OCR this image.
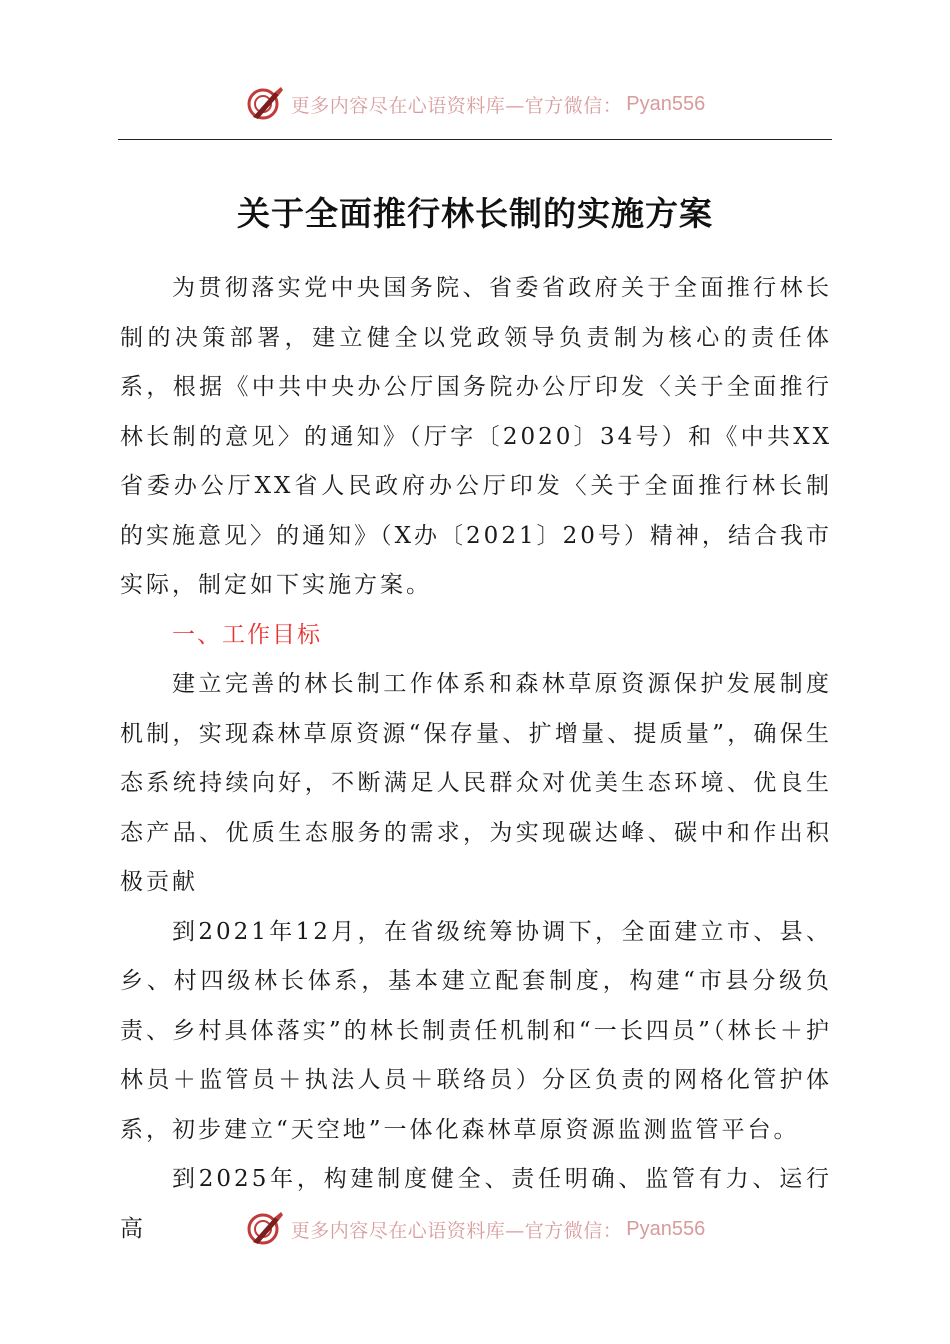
更多内容尽在心语资料库—官方微信： Pyan556
关于全面推行林长制的实施方案

为贯彻落实党中央国务院、省委省政府关于全面推行林长制的决策部署，建立健全以党政领导负责制为核心的责任体系，根据《中共中央办公厅国务院办公厅印发〈关于全面推行林长制的意见〉的通知》（厅字〔2020〕34号）和《中共XX省委办公厅XX省人民政府办公厅印发〈关于全面推行林长制的实施意见〉的通知》（X办〔2021〕20号）精神，结合我市实际，制定如下实施方案。

一、工作目标

建立完善的林长制工作体系和森林草原资源保护发展制度机制，实现森林草原资源“保存量、扩增量、提质量”，确保生态系统持续向好，不断满足人民群众对优美生态环境、优良生态产品、优质生态服务的需求，为实现碳达峰、碳中和作出积极贡献

到2021年12月，在省级统筹协调下，全面建立市、县、乡、村四级林长体系，基本建立配套制度，构建“市县分级负责、乡村具体落实”的林长制责任机制和“一长四员”（林长＋护林员＋监管员＋执法人员＋联络员）分区负责的网格化管护体系，初步建立“天空地”一体化森林草原资源监测监管平台。

到2025年，构建制度健全、责任明确、监管有力、运行高	更多内容尽在心语资料库—官方微信： Pyan556
